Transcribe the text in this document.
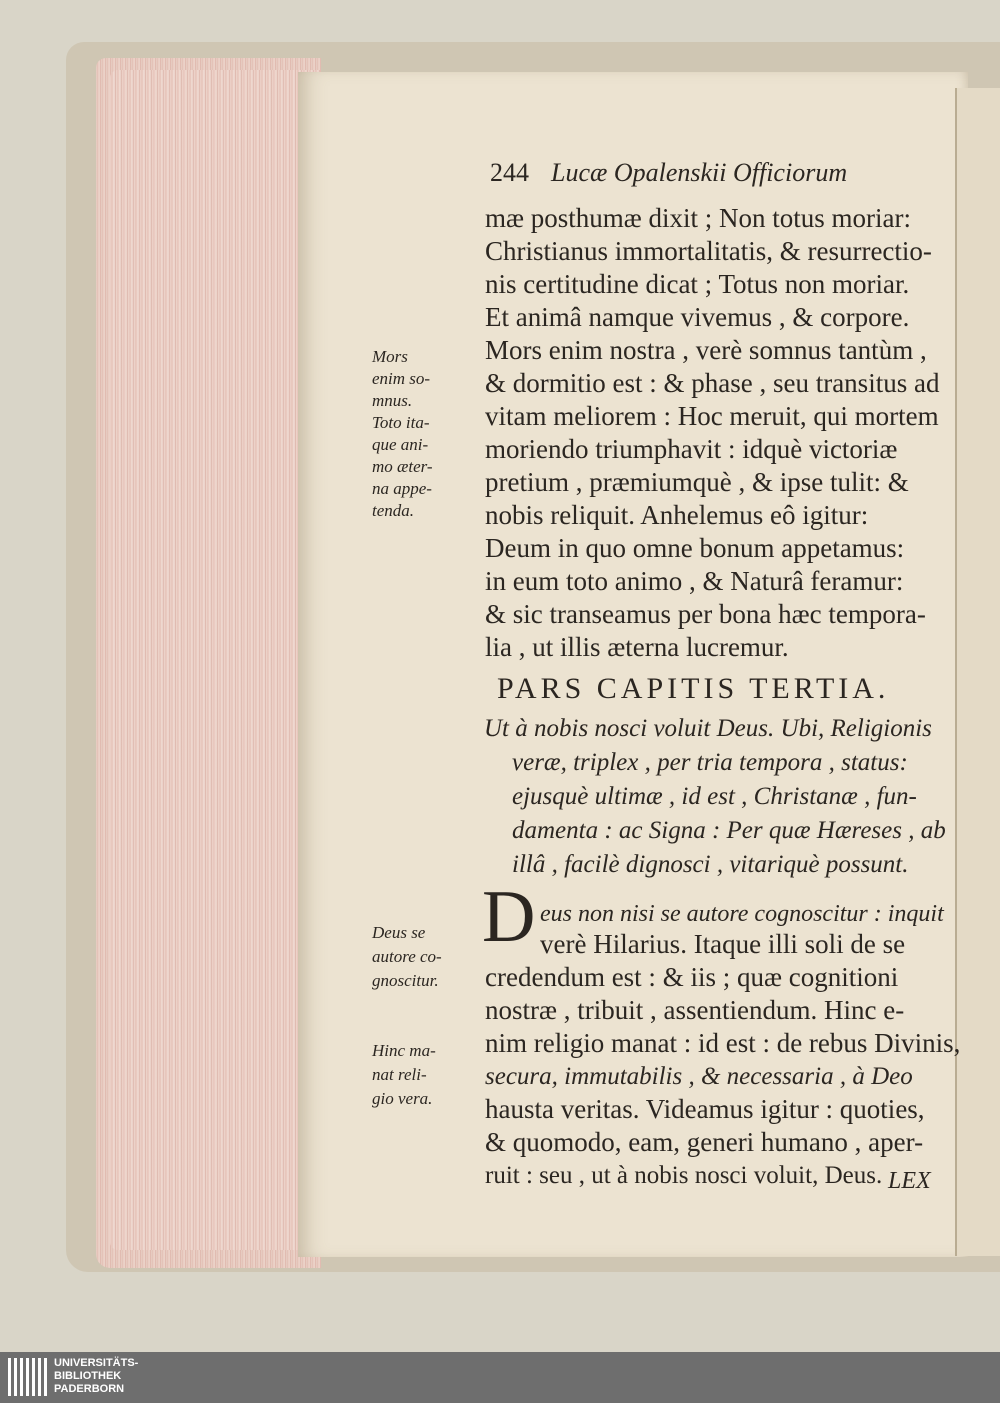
244 Lucæ Opalenskii Officiorum
mæ posthumæ dixit ; Non totus moriar:
Christianus immortalitatis, & resurrectio-
nis certitudine dicat ; Totus non moriar.
Et animâ namque vivemus , & corpore.
Mors enim nostra , verè somnus tantùm ,
& dormitio est : & phase , seu transitus ad
vitam meliorem : Hoc meruit, qui mortem
moriendo triumphavit : idquè victoriæ
pretium , præmiumquè , & ipse tulit: &
nobis reliquit. Anhelemus eô igitur:
Deum in quo omne bonum appetamus:
in eum toto animo , & Naturâ feramur:
& sic transeamus per bona hæc tempora-
lia , ut illis æterna lucremur.
Mors
enim so-
mnus.
Toto ita-
que ani-
mo æter-
na appe-
tenda.
PARS CAPITIS TERTIA.
Ut à nobis nosci voluit Deus. Ubi, Religionis
veræ, triplex , per tria tempora , status:
ejusquè ultimæ , id est , Christanæ , fun-
damenta : ac Signa : Per quæ Hæreses , ab
illâ , facilè dignosci , vitariquè possunt.
D eus non nisi se autore cognoscitur : inquit
verè Hilarius. Itaque illi soli de se
credendum est : & iis ; quæ cognitioni
nostræ , tribuit , assentiendum. Hinc e-
nim religio manat : id est : de rebus Divinis,
secura, immutabilis , & necessaria , à Deo
hausta veritas. Videamus igitur : quoties,
& quomodo, eam, generi humano , aper-
ruit : seu , ut à nobis nosci voluit, Deus.
Deus se
autore co-
gnoscitur.
Hinc ma-
nat reli-
gio vera.
LEX
UNIVERSITÄTS-
BIBLIOTHEK
PADERBORN
